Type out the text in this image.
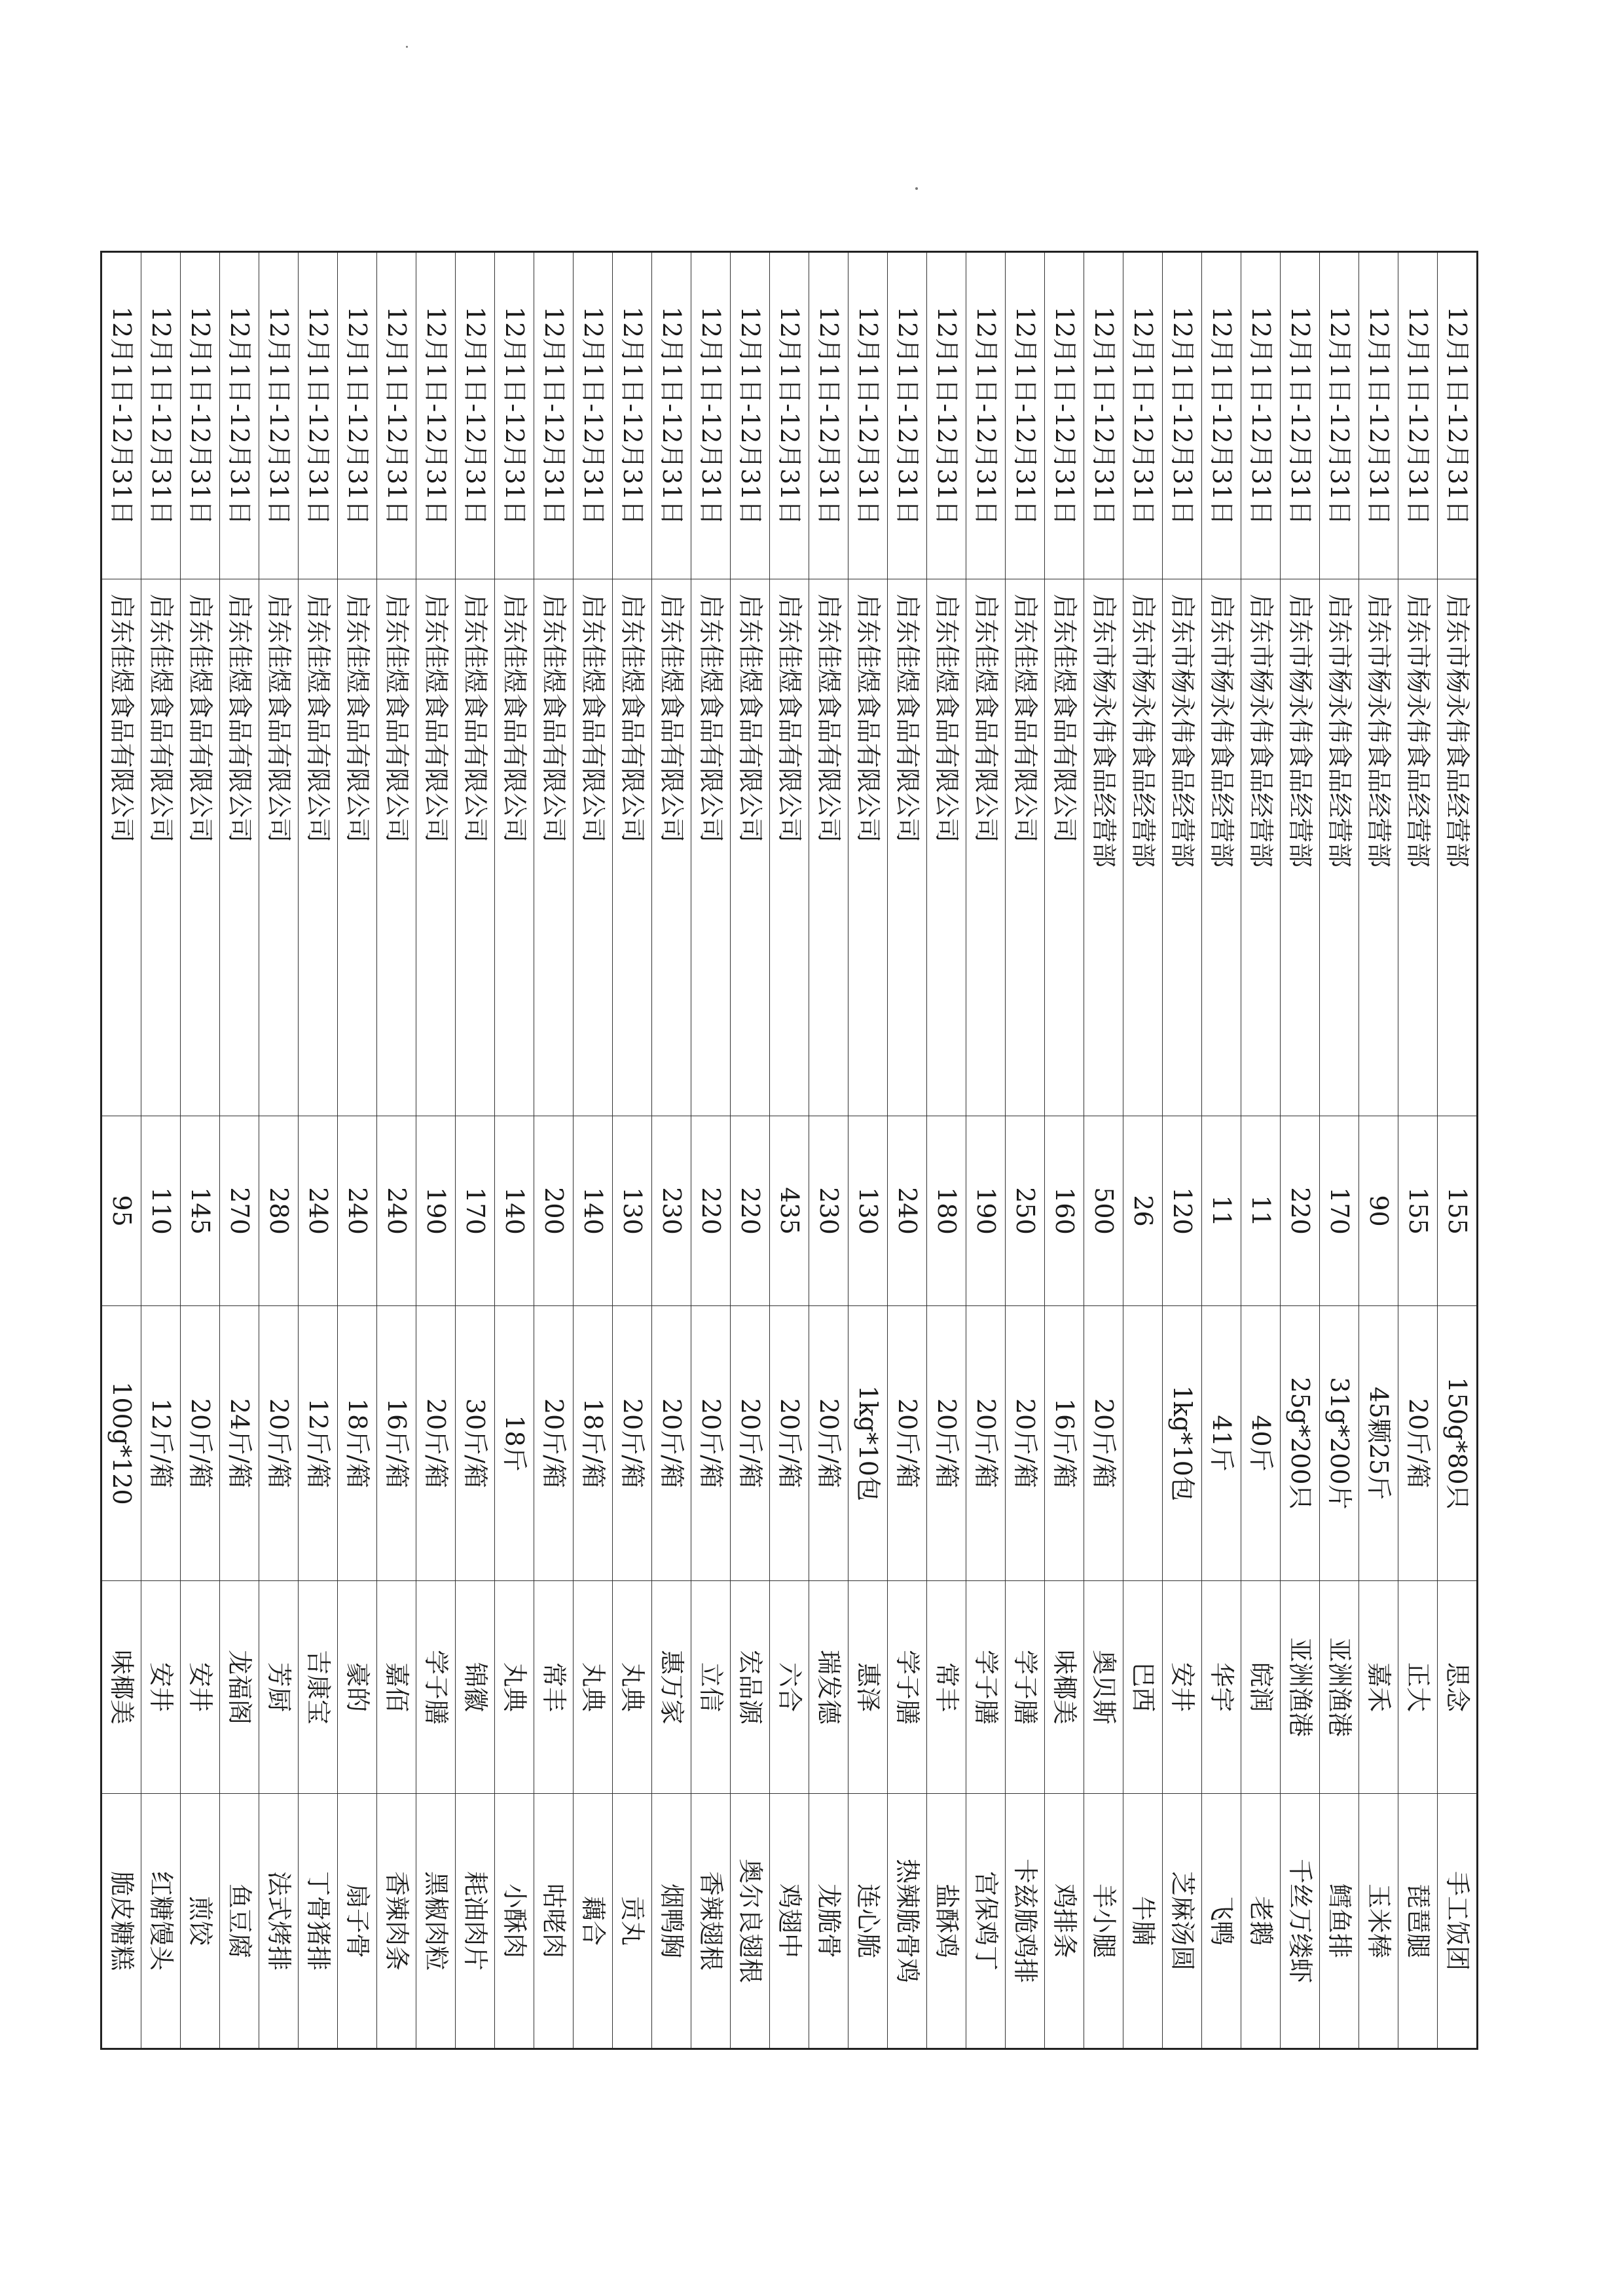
12月1日-12月31日	启东市杨永伟食品经营部	155	150g*80只	思念	手工饭团
12月1日-12月31日	启东市杨永伟食品经营部	155	20斤/箱	正大	琵琶腿
12月1日-12月31日	启东市杨永伟食品经营部	90	45颗25斤	嘉禾	玉米棒
12月1日-12月31日	启东市杨永伟食品经营部	170	31g*200片	亚洲渔港	鳕鱼排
12月1日-12月31日	启东市杨永伟食品经营部	220	25g*200只	亚洲渔港	千丝万缕虾
12月1日-12月31日	启东市杨永伟食品经营部	11	40斤	皖润	老鹅
12月1日-12月31日	启东市杨永伟食品经营部	11	41斤	华宇	飞鸭
12月1日-12月31日	启东市杨永伟食品经营部	120	1kg*10包	安井	芝麻汤圆
12月1日-12月31日	启东市杨永伟食品经营部	26		巴西	牛腩
12月1日-12月31日	启东市杨永伟食品经营部	500	20斤/箱	奥贝斯	羊小腿
12月1日-12月31日	启东佳煜食品有限公司	160	16斤/箱	味椰美	鸡排条
12月1日-12月31日	启东佳煜食品有限公司	250	20斤/箱	学子膳	卡兹脆鸡排
12月1日-12月31日	启东佳煜食品有限公司	190	20斤/箱	学子膳	宫保鸡丁
12月1日-12月31日	启东佳煜食品有限公司	180	20斤/箱	常丰	盐酥鸡
12月1日-12月31日	启东佳煜食品有限公司	240	20斤/箱	学子膳	热辣脆骨鸡
12月1日-12月31日	启东佳煜食品有限公司	130	1kg*10包	惠泽	连心脆
12月1日-12月31日	启东佳煜食品有限公司	230	20斤/箱	瑞发德	龙脆骨
12月1日-12月31日	启东佳煜食品有限公司	435	20斤/箱	六合	鸡翅中
12月1日-12月31日	启东佳煜食品有限公司	220	20斤/箱	宏品源	奥尔良翅根
12月1日-12月31日	启东佳煜食品有限公司	220	20斤/箱	立信	香辣翅根
12月1日-12月31日	启东佳煜食品有限公司	230	20斤/箱	惠万家	烟鸭胸
12月1日-12月31日	启东佳煜食品有限公司	130	20斤/箱	丸典	贡丸
12月1日-12月31日	启东佳煜食品有限公司	140	18斤/箱	丸典	藕合
12月1日-12月31日	启东佳煜食品有限公司	200	20斤/箱	常丰	咕咾肉
12月1日-12月31日	启东佳煜食品有限公司	140	18斤	丸典	小酥肉
12月1日-12月31日	启东佳煜食品有限公司	170	30斤/箱	锦徽	耗油肉片
12月1日-12月31日	启东佳煜食品有限公司	190	20斤/箱	学子膳	黑椒肉粒
12月1日-12月31日	启东佳煜食品有限公司	240	16斤/箱	嘉佰	香辣肉条
12月1日-12月31日	启东佳煜食品有限公司	240	18斤/箱	豪的	扇子骨
12月1日-12月31日	启东佳煜食品有限公司	240	12斤/箱	吉康宝	丁骨猪排
12月1日-12月31日	启东佳煜食品有限公司	280	20斤/箱	芳厨	法式烤排
12月1日-12月31日	启东佳煜食品有限公司	270	24斤/箱	龙福阁	鱼豆腐
12月1日-12月31日	启东佳煜食品有限公司	145	20斤/箱	安井	煎饺
12月1日-12月31日	启东佳煜食品有限公司	110	12斤/箱	安井	红糖馒头
12月1日-12月31日	启东佳煜食品有限公司	95	100g*120	味椰美	脆皮糖糕
